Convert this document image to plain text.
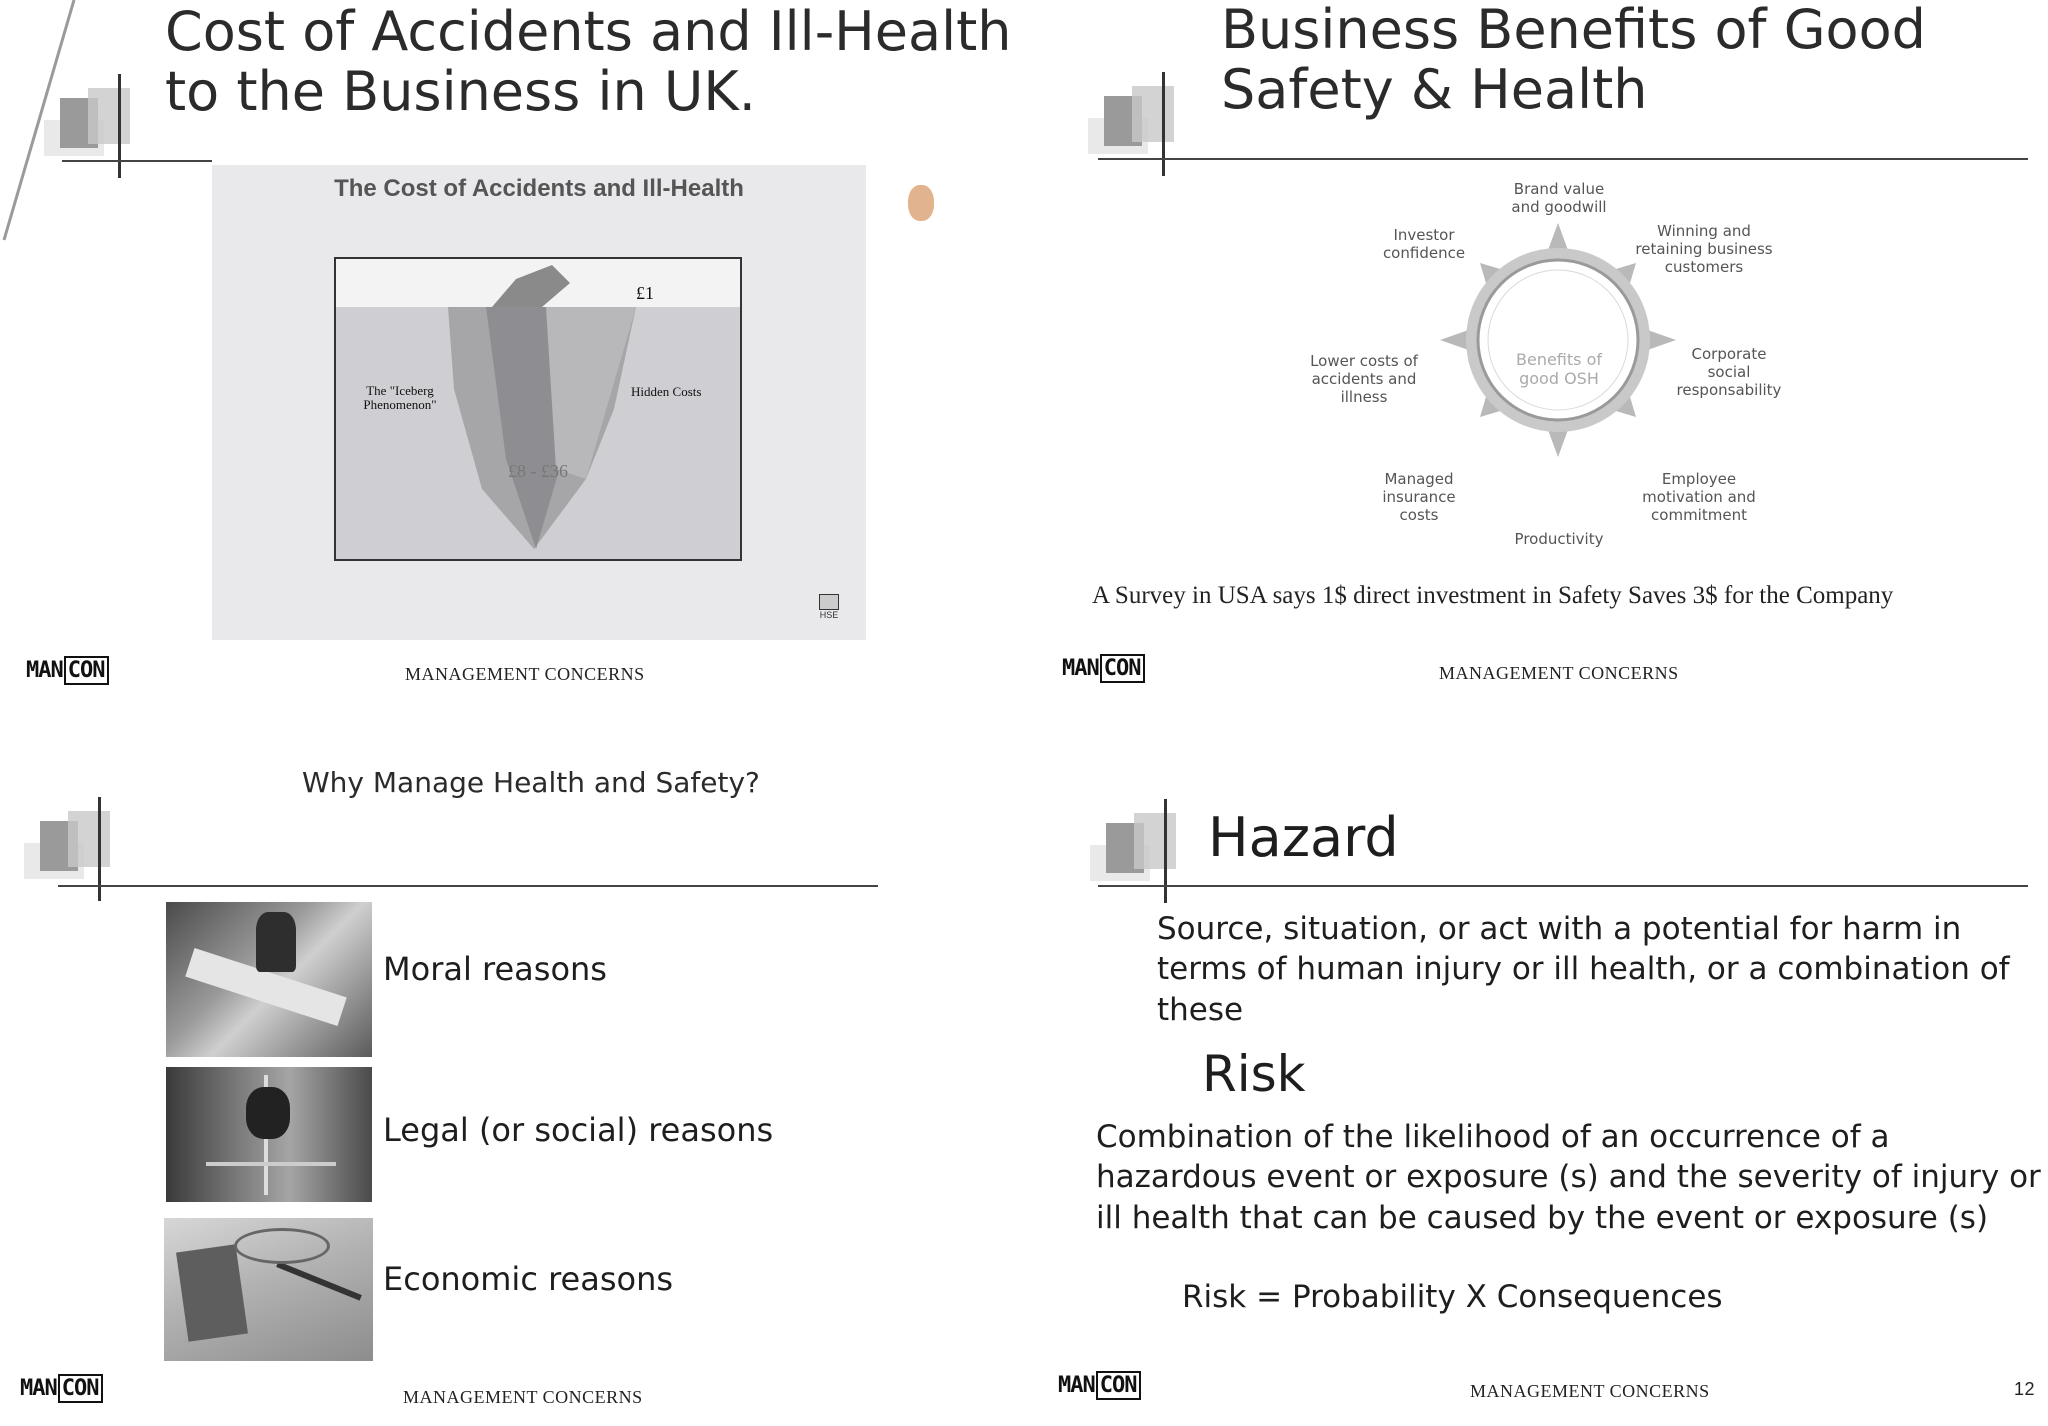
Cost of Accidents and Ill-Health
to the Business in UK.
The Cost of Accidents and Ill-Health
£1
The "Iceberg
Phenomenon"
Hidden Costs
£8 - £36
HSE
MAN CON	MANAGEMENT CONCERNS
Business Benefits of Good
Safety & Health
Benefits of
good OSH
Brand value
and goodwill
Winning and
retaining business
customers
Corporate
social
responsability
Employee
motivation and
commitment
Productivity
Managed
insurance
costs
Lower costs of
accidents and
illness
Investor
confidence
A Survey in USA says 1$ direct investment in Safety Saves 3$ for the Company
MAN CON	MANAGEMENT CONCERNS
Why Manage Health and Safety?
Moral reasons
Legal (or social) reasons
Economic reasons
MAN CON	MANAGEMENT CONCERNS
Hazard
Source, situation, or act with a potential for harm in
terms of human injury or ill health, or a combination of
these
Risk
Combination of the likelihood of an occurrence of a
hazardous event or exposure (s) and the severity of injury or
ill health that can be caused by the event or exposure (s)
Risk = Probability X Consequences
MAN CON	MANAGEMENT CONCERNS	12
